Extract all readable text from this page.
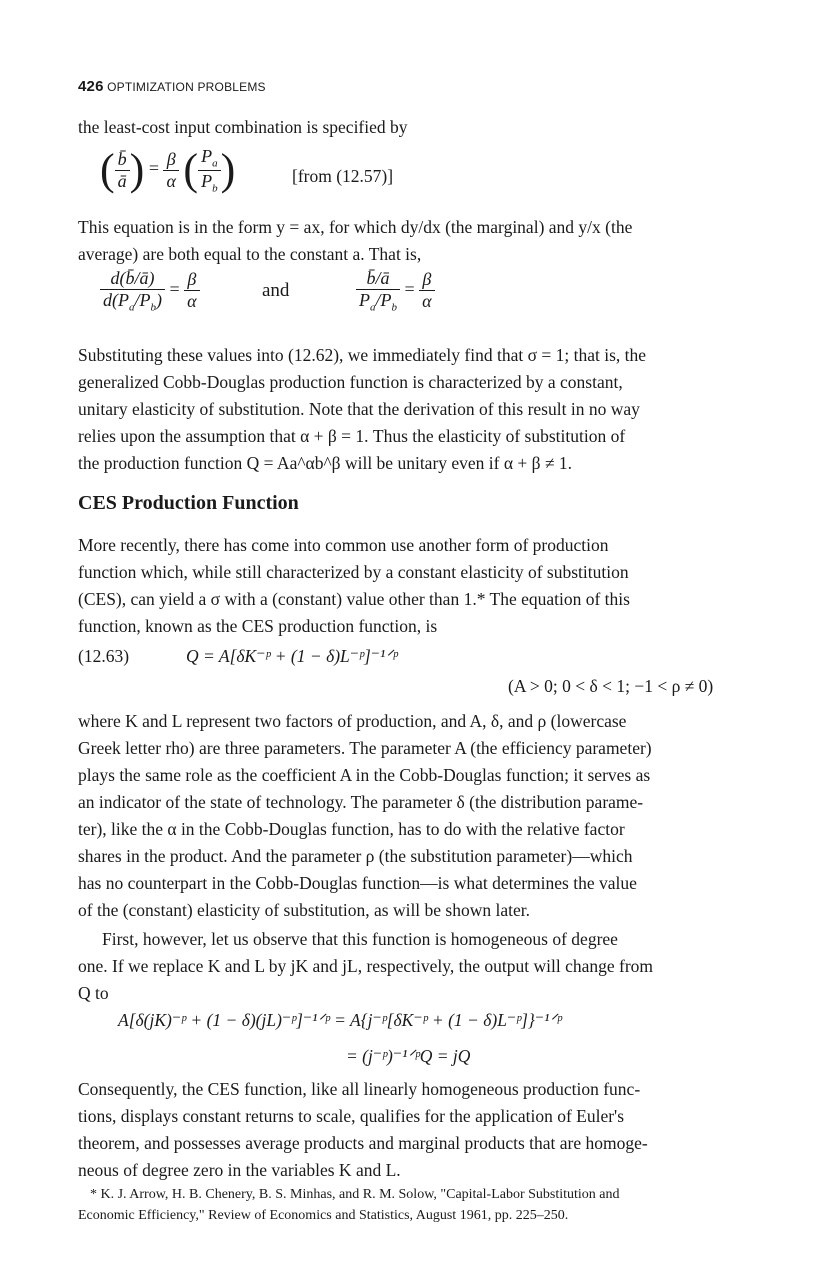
426 OPTIMIZATION PROBLEMS
the least-cost input combination is specified by
( $\frac{b̄}{ā}$ ) = $\frac{\beta}{\alpha}$ ( $\frac{P_a}{P_b}$ )	[from (12.57)]
This equation is in the form y = ax, for which dy/dx (the marginal) and y/x (the
average) are both equal to the constant a. That is,
$\frac{d(b̄/ā)}{d(P_a/P_b)} = \frac{\beta}{\alpha}$	and	$\frac{b̄/ā}{P_a/P_b} = \frac{\beta}{\alpha}$
Substituting these values into (12.62), we immediately find that σ = 1; that is, the
generalized Cobb-Douglas production function is characterized by a constant,
unitary elasticity of substitution. Note that the derivation of this result in no way
relies upon the assumption that α + β = 1. Thus the elasticity of substitution of
the production function Q = Aa^αb^β will be unitary even if α + β ≠ 1.
CES Production Function
More recently, there has come into common use another form of production
function which, while still characterized by a constant elasticity of substitution
(CES), can yield a σ with a (constant) value other than 1.* The equation of this
function, known as the CES production function, is
(12.63)	Q = A[δK⁻ᵖ + (1 − δ)L⁻ᵖ]⁻¹ᐟᵖ
(A > 0; 0 < δ < 1; −1 < ρ ≠ 0)
where K and L represent two factors of production, and A, δ, and ρ (lowercase
Greek letter rho) are three parameters. The parameter A (the efficiency parameter)
plays the same role as the coefficient A in the Cobb-Douglas function; it serves as
an indicator of the state of technology. The parameter δ (the distribution parame-
ter), like the α in the Cobb-Douglas function, has to do with the relative factor
shares in the product. And the parameter ρ (the substitution parameter)—which
has no counterpart in the Cobb-Douglas function—is what determines the value
of the (constant) elasticity of substitution, as will be shown later.
First, however, let us observe that this function is homogeneous of degree
one. If we replace K and L by jK and jL, respectively, the output will change from
Q to
A[δ(jK)⁻ᵖ + (1 − δ)(jL)⁻ᵖ]⁻¹ᐟᵖ = A{j⁻ᵖ[δK⁻ᵖ + (1 − δ)L⁻ᵖ]}⁻¹ᐟᵖ
= (j⁻ᵖ)⁻¹ᐟᵖQ = jQ
Consequently, the CES function, like all linearly homogeneous production func-
tions, displays constant returns to scale, qualifies for the application of Euler's
theorem, and possesses average products and marginal products that are homoge-
neous of degree zero in the variables K and L.
* K. J. Arrow, H. B. Chenery, B. S. Minhas, and R. M. Solow, "Capital-Labor Substitution and
Economic Efficiency," Review of Economics and Statistics, August 1961, pp. 225–250.
